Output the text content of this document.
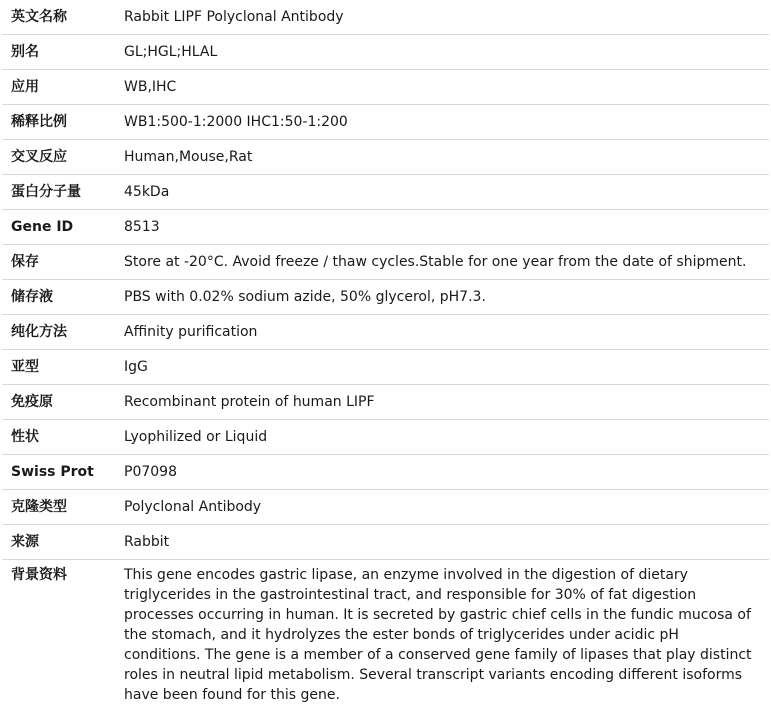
英文名称	Rabbit LIPF Polyclonal Antibody
别名	GL;HGL;HLAL
应用	WB,IHC
稀释比例	WB1:500-1:2000 IHC1:50-1:200
交叉反应	Human,Mouse,Rat
蛋白分子量	45kDa
Gene ID	8513
保存	Store at -20°C. Avoid freeze / thaw cycles.Stable for one year from the date of shipment.
储存液	PBS with 0.02% sodium azide, 50% glycerol, pH7.3.
纯化方法	Affinity purification
亚型	IgG
免疫原	Recombinant protein of human LIPF
性状	Lyophilized or Liquid
Swiss Prot	P07098
克隆类型	Polyclonal Antibody
来源	Rabbit
背景资料	This gene encodes gastric lipase, an enzyme involved in the digestion of dietary triglycerides in the gastrointestinal tract, and responsible for 30% of fat digestion processes occurring in human. It is secreted by gastric chief cells in the fundic mucosa of the stomach, and it hydrolyzes the ester bonds of triglycerides under acidic pH conditions. The gene is a member of a conserved gene family of lipases that play distinct roles in neutral lipid metabolism. Several transcript variants encoding different isoforms have been found for this gene.
